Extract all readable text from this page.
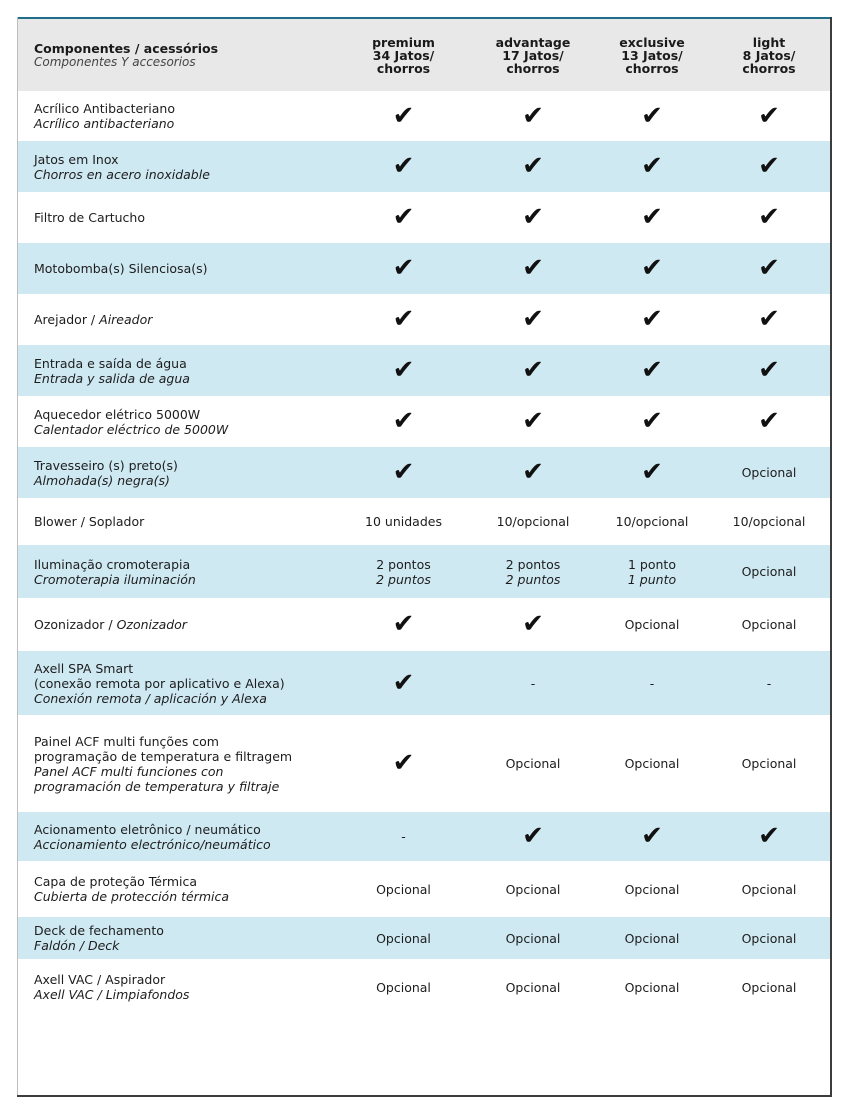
Componentes / acessórios
Componentes Y accesorios	premium
34 Jatos/
chorros	advantage
17 Jatos/
chorros	exclusive
13 Jatos/
chorros	light
8 Jatos/
chorros

Acrílico Antibacteriano
Acrílico antibacteriano	✔	✔	✔	✔

Jatos em Inox
Chorros en acero inoxidable	✔	✔	✔	✔

Filtro de Cartucho	✔	✔	✔	✔

Motobomba(s) Silenciosa(s)	✔	✔	✔	✔
Arejador / Aireador	✔	✔	✔	✔

Entrada e saída de água
Entrada y salida de agua	✔	✔	✔	✔

Aquecedor elétrico 5000W
Calentador eléctrico de 5000W	✔	✔	✔	✔

Travesseiro (s) preto(s)
Almohada(s) negra(s)	✔	✔	✔	Opcional

Blower / Soplador	10 unidades	10/opcional	10/opcional	10/opcional

Iluminação cromoterapia
Cromoterapia iluminación	2 pontos
2 puntos	2 pontos
2 puntos	1 ponto
1 punto	Opcional
Ozonizador / Ozonizador	✔	✔	Opcional	Opcional

Axell SPA Smart
(conexão remota por aplicativo e Alexa)
Conexión remota / aplicación y Alexa	✔	-	-	-

Painel ACF multi funções com
programação de temperatura e filtragem
Panel ACF multi funciones con
programación de temperatura y filtraje	✔	Opcional	Opcional	Opcional

Acionamento eletrônico / neumático
Accionamiento electrónico/neumático	-	✔	✔	✔

Capa de proteção Térmica
Cubierta de protección térmica	Opcional	Opcional	Opcional	Opcional

Deck de fechamento
Faldón / Deck	Opcional	Opcional	Opcional	Opcional

Axell VAC / Aspirador
Axell VAC / Limpiafondos	Opcional	Opcional	Opcional	Opcional
